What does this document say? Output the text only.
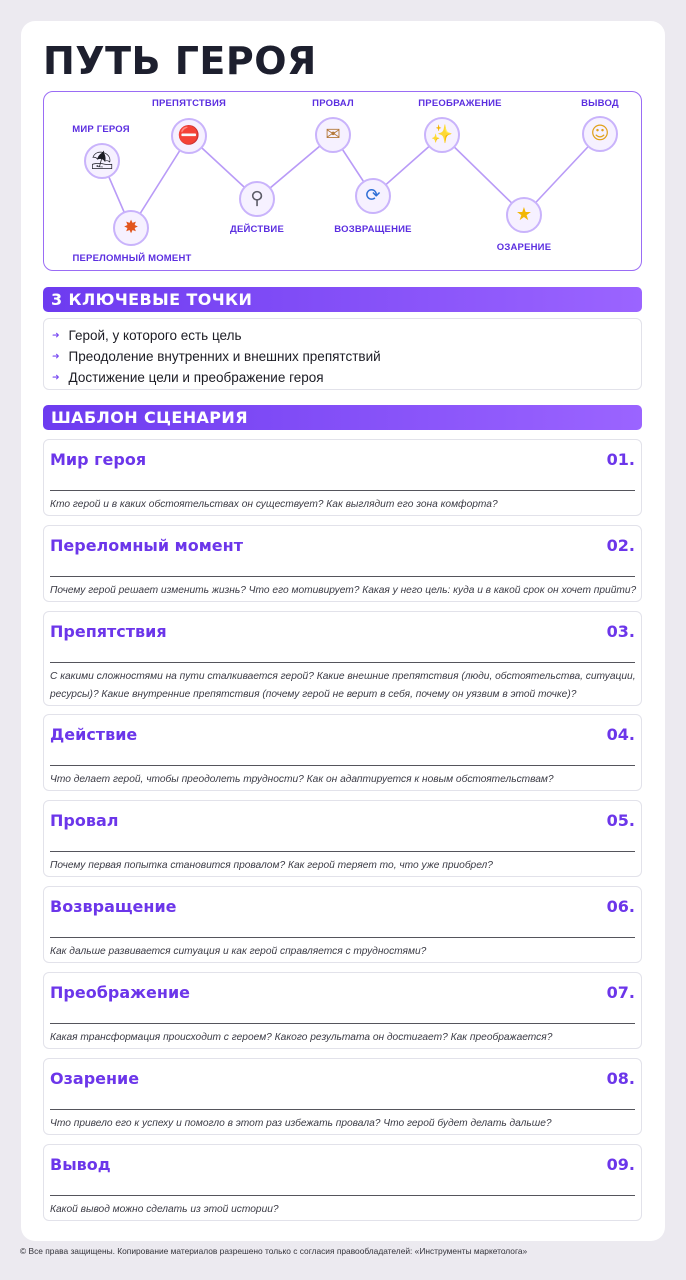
ПУТЬ ГЕРОЯ
⛱
✸
⛔
⚲
✉
⟳
✨
★
☺
МИР ГЕРОЯ
ПЕРЕЛОМНЫЙ МОМЕНТ
ПРЕПЯТСТВИЯ
ДЕЙСТВИЕ
ПРОВАЛ
ВОЗВРАЩЕНИЕ
ПРЕОБРАЖЕНИЕ
ОЗАРЕНИЕ
ВЫВОД
3 КЛЮЧЕВЫЕ ТОЧКИ
➜ Герой, у которого есть цель
➜ Преодоление внутренних и внешних препятствий
➜ Достижение цели и преображение героя
ШАБЛОН СЦЕНАРИЯ
Мир героя	01.
Кто герой и в каких обстоятельствах он существует? Как выглядит его зона комфорта?
Переломный момент	02.
Почему герой решает изменить жизнь? Что его мотивирует? Какая у него цель: куда и в какой срок он хочет прийти?
Препятствия	03.
С какими сложностями на пути сталкивается герой? Какие внешние препятствия (люди, обстоятельства, ситуации, ресурсы)? Какие внутренние препятствия (почему герой не верит в себя, почему он уязвим в этой точке)?
Действие	04.
Что делает герой, чтобы преодолеть трудности? Как он адаптируется к новым обстоятельствам?
Провал	05.
Почему первая попытка становится провалом? Как герой теряет то, что уже приобрел?
Возвращение	06.
Как дальше развивается ситуация и как герой справляется с трудностями?
Преображение	07.
Какая трансформация происходит с героем? Какого результата он достигает? Как преображается?
Озарение	08.
Что привело его к успеху и помогло в этот раз избежать провала? Что герой будет делать дальше?
Вывод	09.
Какой вывод можно сделать из этой истории?
© Все права защищены. Копирование материалов разрешено только с согласия правообладателей: «Инструменты маркетолога»
